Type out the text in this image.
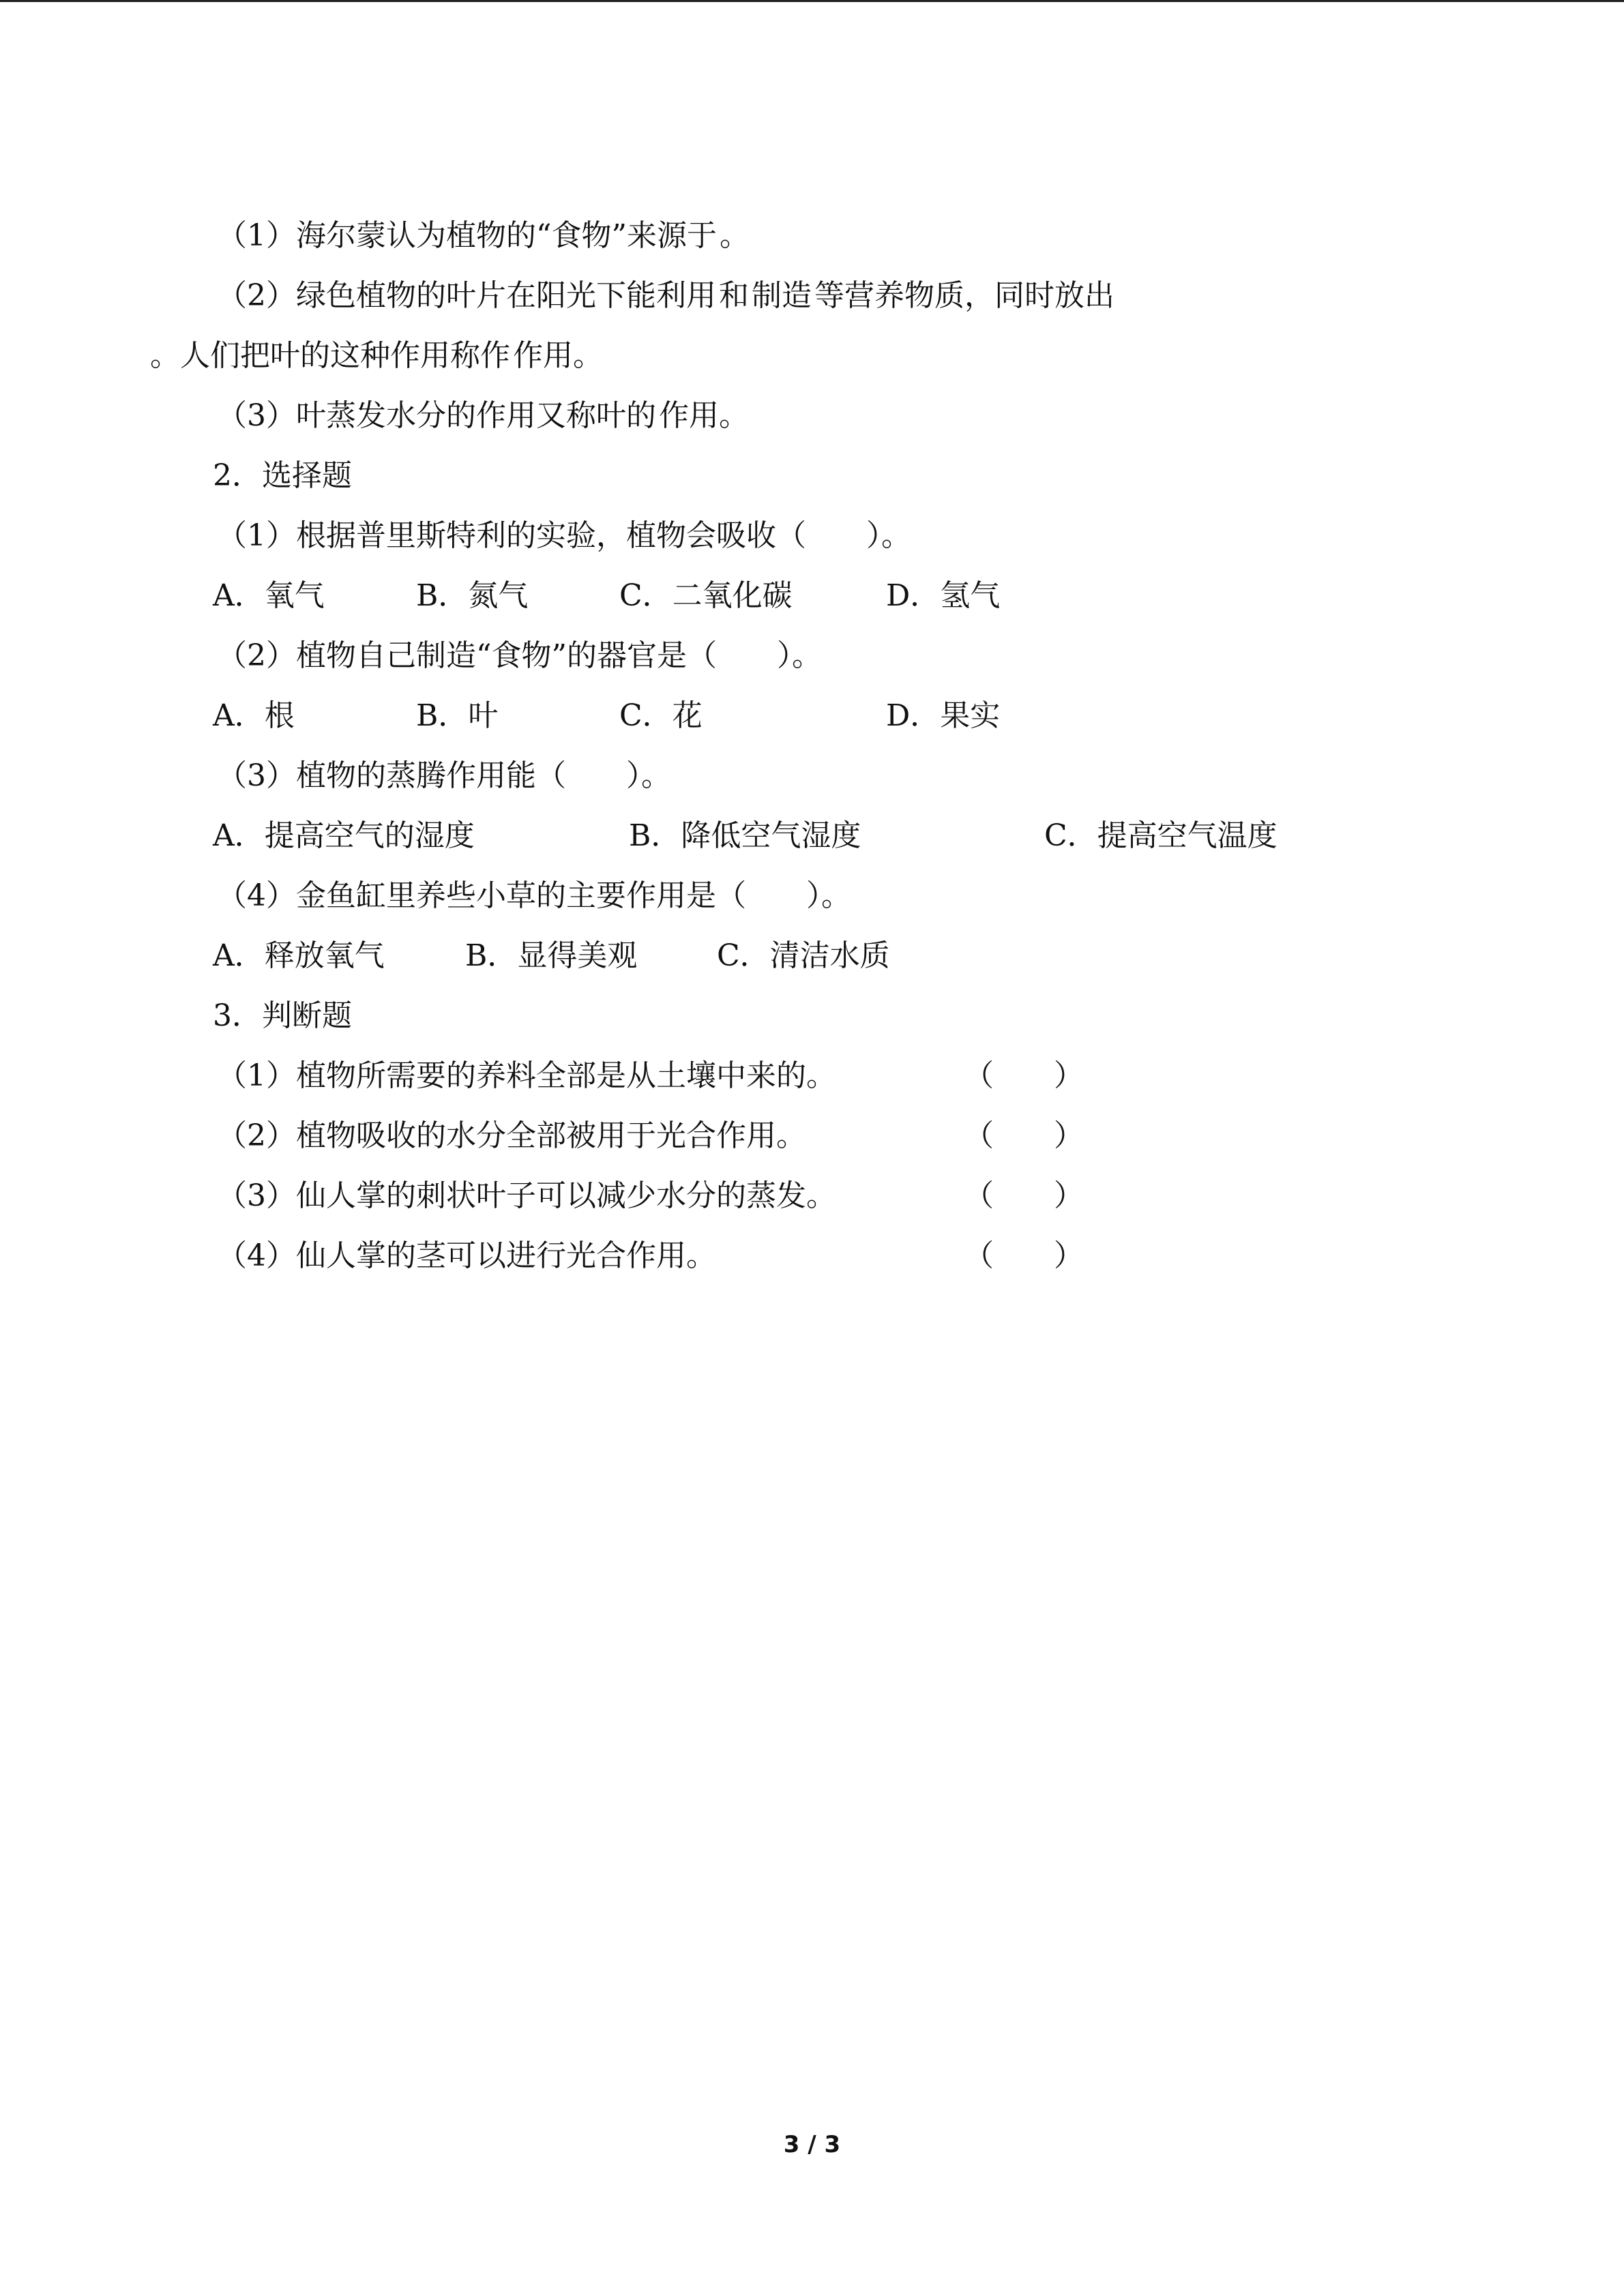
（1）海尔蒙认为植物的“食物”来源于。
（2）绿色植物的叶片在阳光下能利用和制造等营养物质，同时放出
。人们把叶的这种作用称作作用。
（3）叶蒸发水分的作用又称叶的作用。
2．选择题
（1）根据普里斯特利的实验，植物会吸收（　　）。
A．氧气	B．氮气	C．二氧化碳	D．氢气
（2）植物自己制造“食物”的器官是（　　）。
A．根	B．叶	C．花	D．果实
（3）植物的蒸腾作用能（　　）。
A．提高空气的湿度	B．降低空气湿度	C．提高空气温度
（4）金鱼缸里养些小草的主要作用是（　　）。
A．释放氧气	B．显得美观	C．清洁水质
3．判断题
（1）植物所需要的养料全部是从土壤中来的。	（　　）
（2）植物吸收的水分全部被用于光合作用。	（　　）
（3）仙人掌的刺状叶子可以减少水分的蒸发。	（　　）
（4）仙人掌的茎可以进行光合作用。	（　　）
3 / 3
